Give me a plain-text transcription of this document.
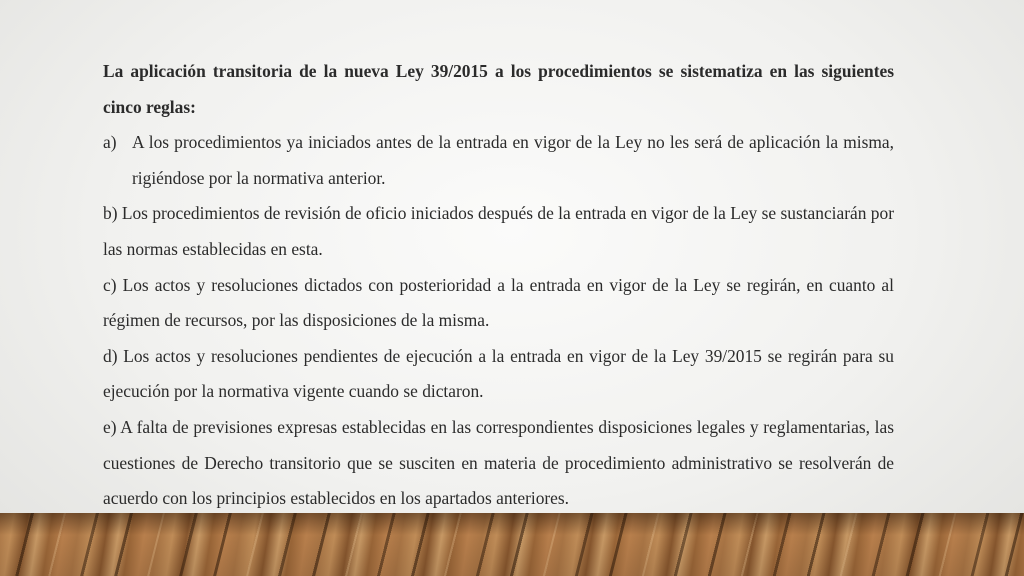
La aplicación transitoria de la nueva Ley 39/2015 a los procedimientos se sistematiza en las siguientes cinco reglas:

a) A los procedimientos ya iniciados antes de la entrada en vigor de la Ley no les será de aplicación la misma, rigiéndose por la normativa anterior.

b) Los procedimientos de revisión de oficio iniciados después de la entrada en vigor de la Ley se sustanciarán por las normas establecidas en esta.

c) Los actos y resoluciones dictados con posterioridad a la entrada en vigor de la Ley se regirán, en cuanto al régimen de recursos, por las disposiciones de la misma.

d) Los actos y resoluciones pendientes de ejecución a la entrada en vigor de la Ley 39/2015 se regirán para su ejecución por la normativa vigente cuando se dictaron.

e) A falta de previsiones expresas establecidas en las correspondientes disposiciones legales y reglamentarias, las cuestiones de Derecho transitorio que se susciten en materia de procedimiento administrativo se resolverán de acuerdo con los principios establecidos en los apartados anteriores.
